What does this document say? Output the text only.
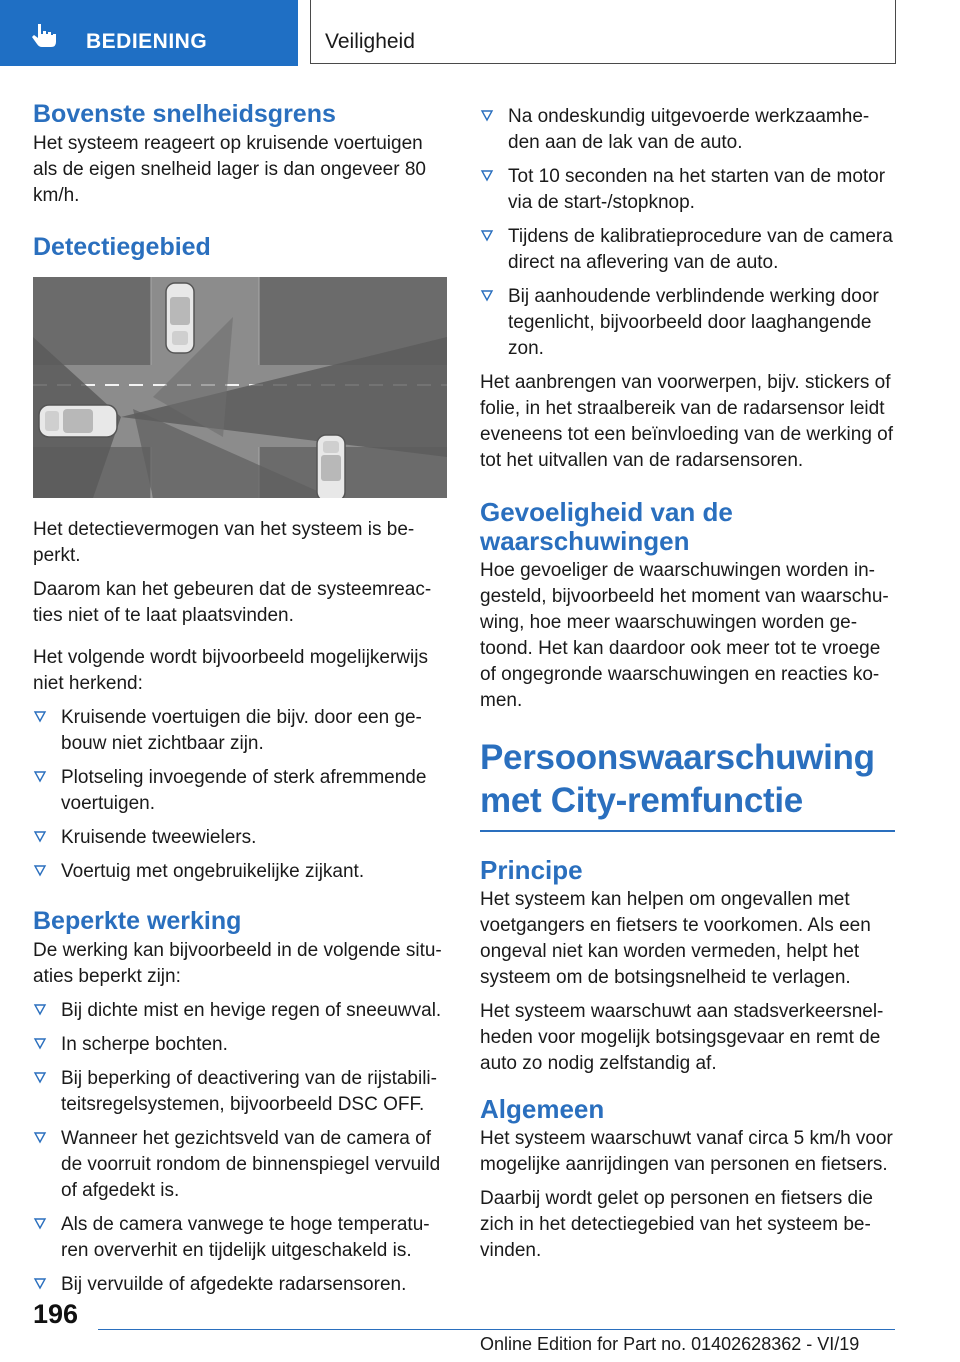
BEDIENING	Veiligheid
Bovenste snelheidsgrens

Het systeem reageert op kruisende voertuigen als de eigen snelheid lager is dan ongeveer 80 km/h.

Detectiegebied

Het detectievermogen van het systeem is be‐perkt.

Daarom kan het gebeuren dat de systeemreac‐ties niet of te laat plaatsvinden.

Het volgende wordt bijvoorbeeld mogelijkerwijs niet herkend:

Kruisende voertuigen die bijv. door een ge‐bouw niet zichtbaar zijn.
Plotseling invoegende of sterk afremmende voertuigen.
Kruisende tweewielers.
Voertuig met ongebruikelijke zijkant.
Beperkte werking

De werking kan bijvoorbeeld in de volgende situ‐aties beperkt zijn:

Bij dichte mist en hevige regen of sneeuwval.
In scherpe bochten.
Bij beperking of deactivering van de rijstabili‐teitsregelsystemen, bijvoorbeeld DSC OFF.
Wanneer het gezichtsveld van de camera of de voorruit rondom de binnenspiegel vervuild of afgedekt is.
Als de camera vanwege te hoge temperatu‐ren oververhit en tijdelijk uitgeschakeld is.
Bij vervuilde of afgedekte radarsensoren.
Na ondeskundig uitgevoerde werkzaamhe‐den aan de lak van de auto.
Tot 10 seconden na het starten van de motor via de start-/stopknop.
Tijdens de kalibratieprocedure van de camera direct na aflevering van de auto.
Bij aanhoudende verblindende werking door tegenlicht, bijvoorbeeld door laaghangende zon.

Het aanbrengen van voorwerpen, bijv. stickers of folie, in het straalbereik van de radarsensor leidt eveneens tot een beïnvloeding van de werking of tot het uitvallen van de radarsensoren.

Gevoeligheid van de waarschuwingen

Hoe gevoeliger de waarschuwingen worden in‐gesteld, bijvoorbeeld het moment van waarschu‐wing, hoe meer waarschuwingen worden ge‐toond. Het kan daardoor ook meer tot te vroege of ongegronde waarschuwingen en reacties ko‐men.

Persoonswaarschuwing met City-remfunctie
Principe

Het systeem kan helpen om ongevallen met voetgangers en fietsers te voorkomen. Als een ongeval niet kan worden vermeden, helpt het systeem om de botsingsnelheid te verlagen.

Het systeem waarschuwt aan stadsverkeersnel‐heden voor mogelijk botsingsgevaar en remt de auto zo nodig zelfstandig af.

Algemeen

Het systeem waarschuwt vanaf circa 5 km/h voor mogelijke aanrijdingen van personen en fietsers.

Daarbij wordt gelet op personen en fietsers die zich in het detectiegebied van het systeem be‐vinden.

196
Online Edition for Part no. 01402628362 - VI/19
